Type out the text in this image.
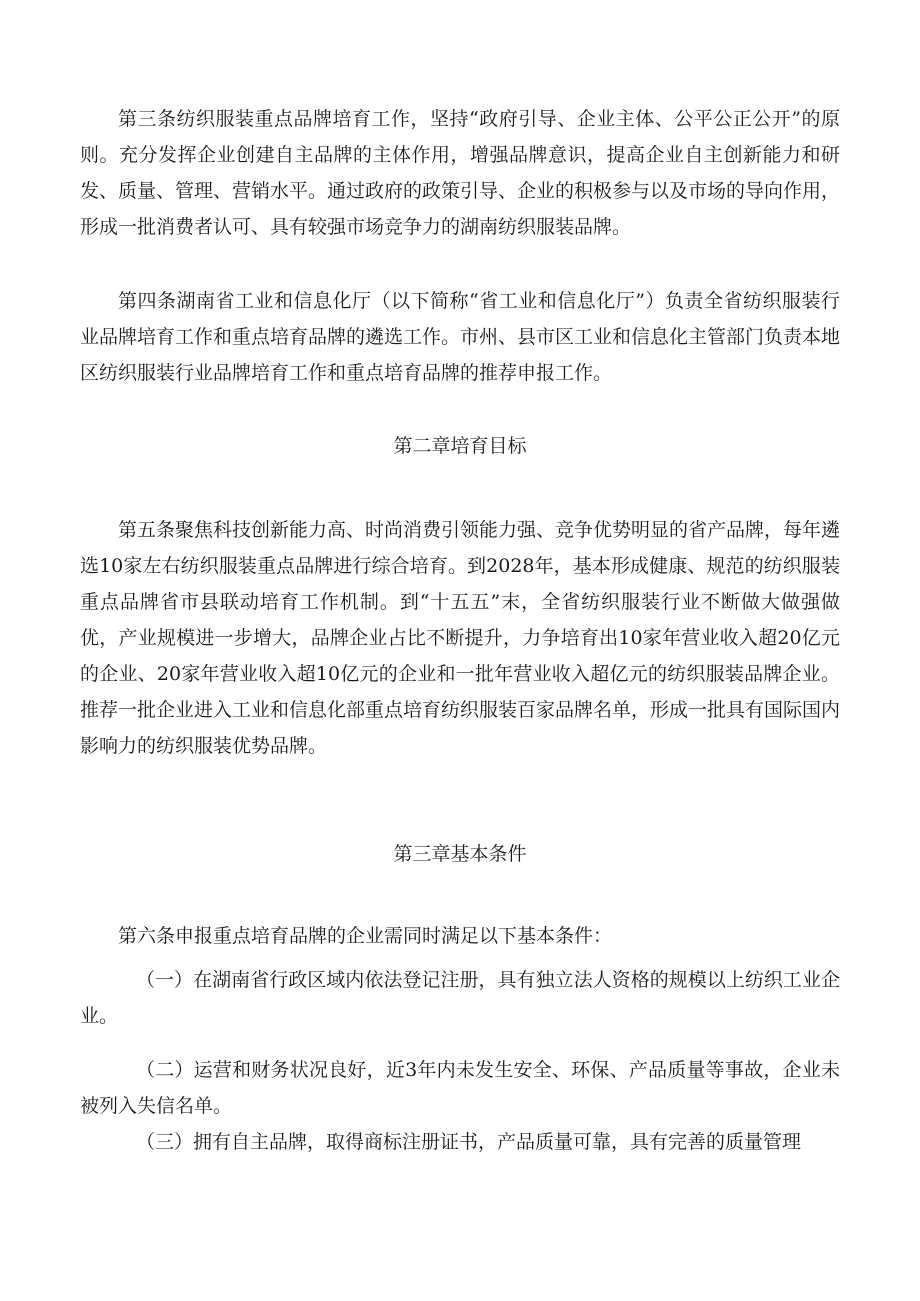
第三条纺织服装重点品牌培育工作，坚持“政府引导、企业主体、公平公正公开”的原则。充分发挥企业创建自主品牌的主体作用，增强品牌意识，提高企业自主创新能力和研发、质量、管理、营销水平。通过政府的政策引导、企业的积极参与以及市场的导向作用，形成一批消费者认可、具有较强市场竞争力的湖南纺织服装品牌。

第四条湖南省工业和信息化厅（以下简称“省工业和信息化厅”）负责全省纺织服装行业品牌培育工作和重点培育品牌的遴选工作。市州、县市区工业和信息化主管部门负责本地区纺织服装行业品牌培育工作和重点培育品牌的推荐申报工作。

第二章培育目标

第五条聚焦科技创新能力高、时尚消费引领能力强、竞争优势明显的省产品牌，每年遴选10家左右纺织服装重点品牌进行综合培育。到2028年，基本形成健康、规范的纺织服装重点品牌省市县联动培育工作机制。到“十五五”末，全省纺织服装行业不断做大做强做优，产业规模进一步增大，品牌企业占比不断提升，力争培育出10家年营业收入超20亿元的企业、20家年营业收入超10亿元的企业和一批年营业收入超亿元的纺织服装品牌企业。推荐一批企业进入工业和信息化部重点培育纺织服装百家品牌名单，形成一批具有国际国内影响力的纺织服装优势品牌。

第三章基本条件

第六条申报重点培育品牌的企业需同时满足以下基本条件：

（一）在湖南省行政区域内依法登记注册，具有独立法人资格的规模以上纺织工业企业。

（二）运营和财务状况良好，近3年内未发生安全、环保、产品质量等事故，企业未被列入失信名单。

（三）拥有自主品牌，取得商标注册证书，产品质量可靠，具有完善的质量管理
